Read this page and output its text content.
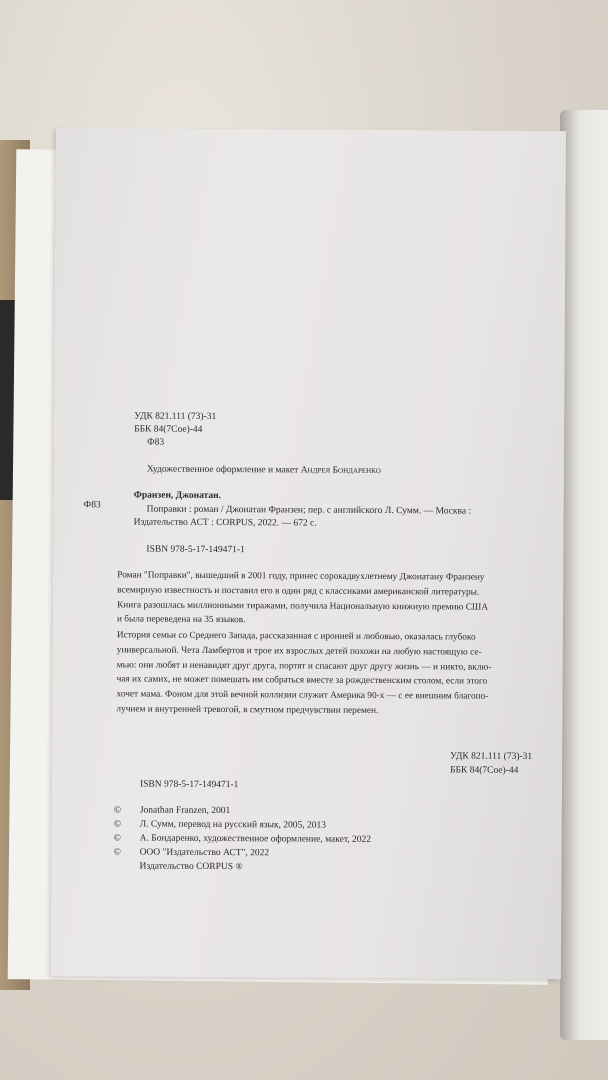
УДК 821.111 (73)-31
ББК 84(7Сое)-44
Ф83
Художественное оформление и макет Андрея Бондаренко
Ф83
Франзен, Джонатан.
Поправки : роман / Джонатан Франзен; пер. с английского Л. Сумм. — Москва :
Издательство АСТ : CORPUS, 2022. — 672 с.
ISBN 978-5-17-149471-1
Роман "Поправки", вышедший в 2001 году, принес сорокадвухлетнему Джонатану Франзену
всемирную известность и поставил его в один ряд с классиками американской литературы.
Книга разошлась миллионными тиражами, получила Национальную книжную премию США
и была переведена на 35 языков.
История семьи со Среднего Запада, рассказанная с иронией и любовью, оказалась глубоко
универсальной. Чета Ламбертов и трое их взрослых детей похожи на любую настоящую се-
мью: они любят и ненавидят друг друга, портят и спасают друг другу жизнь — и никто, вклю-
чая их самих, не может помешать им собраться вместе за рождественским столом, если этого
хочет мама. Фоном для этой вечной коллизии служит Америка 90-х — с ее внешним благопо-
лучием и внутренней тревогой, в смутном предчувствии перемен.
УДК 821.111 (73)-31
ББК 84(7Сое)-44
ISBN 978-5-17-149471-1
© Jonathan Franzen, 2001
© Л. Сумм, перевод на русский язык, 2005, 2013
© А. Бондаренко, художественное оформление, макет, 2022
© ООО "Издательство АСТ", 2022
Издательство CORPUS ®
